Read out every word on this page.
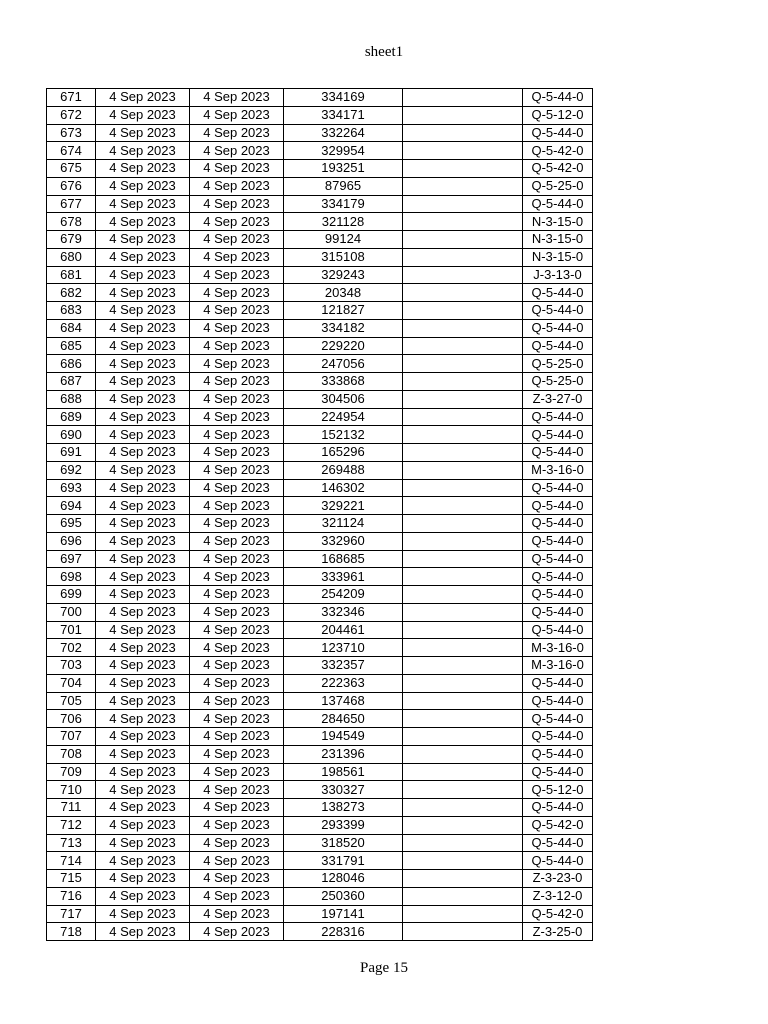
sheet1
671	4 Sep 2023	4 Sep 2023	334169		Q-5-44-0
672	4 Sep 2023	4 Sep 2023	334171		Q-5-12-0
673	4 Sep 2023	4 Sep 2023	332264		Q-5-44-0
674	4 Sep 2023	4 Sep 2023	329954		Q-5-42-0
675	4 Sep 2023	4 Sep 2023	193251		Q-5-42-0
676	4 Sep 2023	4 Sep 2023	87965		Q-5-25-0
677	4 Sep 2023	4 Sep 2023	334179		Q-5-44-0
678	4 Sep 2023	4 Sep 2023	321128		N-3-15-0
679	4 Sep 2023	4 Sep 2023	99124		N-3-15-0
680	4 Sep 2023	4 Sep 2023	315108		N-3-15-0
681	4 Sep 2023	4 Sep 2023	329243		J-3-13-0
682	4 Sep 2023	4 Sep 2023	20348		Q-5-44-0
683	4 Sep 2023	4 Sep 2023	121827		Q-5-44-0
684	4 Sep 2023	4 Sep 2023	334182		Q-5-44-0
685	4 Sep 2023	4 Sep 2023	229220		Q-5-44-0
686	4 Sep 2023	4 Sep 2023	247056		Q-5-25-0
687	4 Sep 2023	4 Sep 2023	333868		Q-5-25-0
688	4 Sep 2023	4 Sep 2023	304506		Z-3-27-0
689	4 Sep 2023	4 Sep 2023	224954		Q-5-44-0
690	4 Sep 2023	4 Sep 2023	152132		Q-5-44-0
691	4 Sep 2023	4 Sep 2023	165296		Q-5-44-0
692	4 Sep 2023	4 Sep 2023	269488		M-3-16-0
693	4 Sep 2023	4 Sep 2023	146302		Q-5-44-0
694	4 Sep 2023	4 Sep 2023	329221		Q-5-44-0
695	4 Sep 2023	4 Sep 2023	321124		Q-5-44-0
696	4 Sep 2023	4 Sep 2023	332960		Q-5-44-0
697	4 Sep 2023	4 Sep 2023	168685		Q-5-44-0
698	4 Sep 2023	4 Sep 2023	333961		Q-5-44-0
699	4 Sep 2023	4 Sep 2023	254209		Q-5-44-0
700	4 Sep 2023	4 Sep 2023	332346		Q-5-44-0
701	4 Sep 2023	4 Sep 2023	204461		Q-5-44-0
702	4 Sep 2023	4 Sep 2023	123710		M-3-16-0
703	4 Sep 2023	4 Sep 2023	332357		M-3-16-0
704	4 Sep 2023	4 Sep 2023	222363		Q-5-44-0
705	4 Sep 2023	4 Sep 2023	137468		Q-5-44-0
706	4 Sep 2023	4 Sep 2023	284650		Q-5-44-0
707	4 Sep 2023	4 Sep 2023	194549		Q-5-44-0
708	4 Sep 2023	4 Sep 2023	231396		Q-5-44-0
709	4 Sep 2023	4 Sep 2023	198561		Q-5-44-0
710	4 Sep 2023	4 Sep 2023	330327		Q-5-12-0
711	4 Sep 2023	4 Sep 2023	138273		Q-5-44-0
712	4 Sep 2023	4 Sep 2023	293399		Q-5-42-0
713	4 Sep 2023	4 Sep 2023	318520		Q-5-44-0
714	4 Sep 2023	4 Sep 2023	331791		Q-5-44-0
715	4 Sep 2023	4 Sep 2023	128046		Z-3-23-0
716	4 Sep 2023	4 Sep 2023	250360		Z-3-12-0
717	4 Sep 2023	4 Sep 2023	197141		Q-5-42-0
718	4 Sep 2023	4 Sep 2023	228316		Z-3-25-0
Page 15
